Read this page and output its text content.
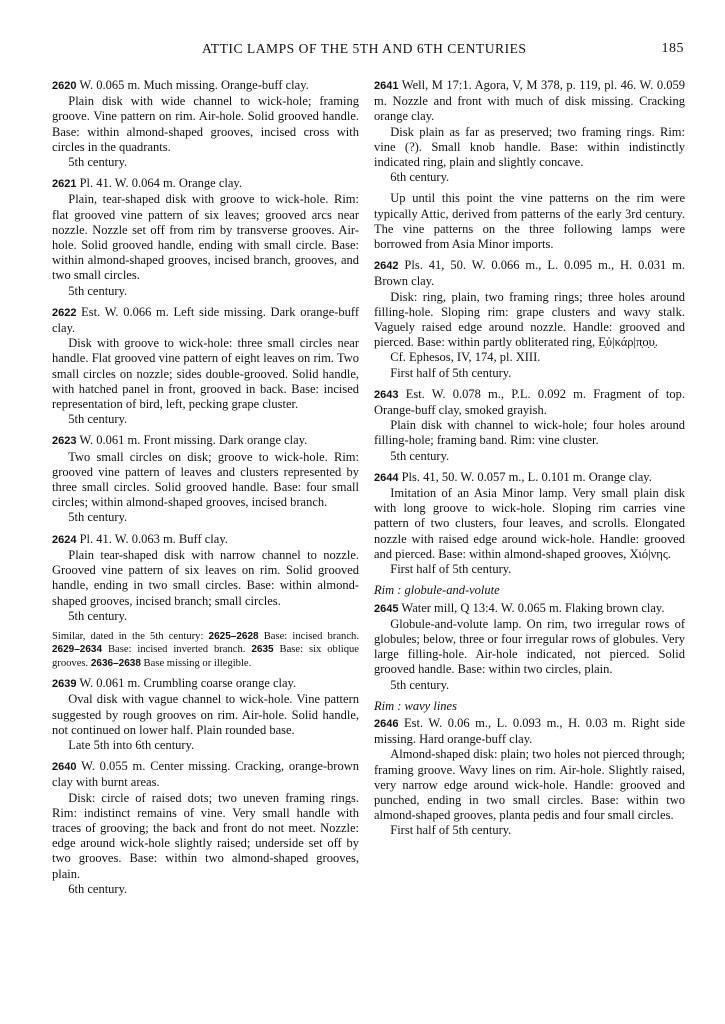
ATTIC LAMPS OF THE 5TH AND 6TH CENTURIES	185

2620 W. 0.065 m. Much missing. Orange-buff clay.

Plain disk with wide channel to wick-hole; framing groove. Vine pattern on rim. Air-hole. Solid grooved handle. Base: within almond-shaped grooves, incised cross with circles in the quadrants.

5th century.

2621 Pl. 41. W. 0.064 m. Orange clay.

Plain, tear-shaped disk with groove to wick-hole. Rim: flat grooved vine pattern of six leaves; grooved arcs near nozzle. Nozzle set off from rim by transverse grooves. Air-hole. Solid grooved handle, ending with small circle. Base: within almond-shaped grooves, incised branch, grooves, and two small circles.

5th century.

2622 Est. W. 0.066 m. Left side missing. Dark orange-buff clay.

Disk with groove to wick-hole: three small circles near handle. Flat grooved vine pattern of eight leaves on rim. Two small circles on nozzle; sides double-grooved. Solid handle, with hatched panel in front, grooved in back. Base: incised representation of bird, left, pecking grape cluster.

5th century.

2623 W. 0.061 m. Front missing. Dark orange clay.

Two small circles on disk; groove to wick-hole. Rim: grooved vine pattern of leaves and clusters represented by three small circles. Solid grooved handle. Base: four small circles; within almond-shaped grooves, incised branch.

5th century.

2624 Pl. 41. W. 0.063 m. Buff clay.

Plain tear-shaped disk with narrow channel to nozzle. Grooved vine pattern of six leaves on rim. Solid grooved handle, ending in two small circles. Base: within almond-shaped grooves, incised branch; small circles.

5th century.

Similar, dated in the 5th century: 2625–2628 Base: incised branch. 2629–2634 Base: incised inverted branch. 2635 Base: six oblique grooves. 2636–2638 Base missing or illegible.

2639 W. 0.061 m. Crumbling coarse orange clay.

Oval disk with vague channel to wick-hole. Vine pattern suggested by rough grooves on rim. Air-hole. Solid handle, not continued on lower half. Plain rounded base.

Late 5th into 6th century.

2640 W. 0.055 m. Center missing. Cracking, orange-brown clay with burnt areas.

Disk: circle of raised dots; two uneven framing rings. Rim: indistinct remains of vine. Very small handle with traces of grooving; the back and front do not meet. Nozzle: edge around wick-hole slightly raised; underside set off by two grooves. Base: within two almond-shaped grooves, plain.

6th century.

2641 Well, M 17:1. Agora, V, M 378, p. 119, pl. 46. W. 0.059 m. Nozzle and front with much of disk missing. Cracking orange clay.

Disk plain as far as preserved; two framing rings. Rim: vine (?). Small knob handle. Base: within indistinctly indicated ring, plain and slightly concave.

6th century.

Up until this point the vine patterns on the rim were typically Attic, derived from patterns of the early 3rd century. The vine patterns on the three following lamps were borrowed from Asia Minor imports.

2642 Pls. 41, 50. W. 0.066 m., L. 0.095 m., H. 0.031 m. Brown clay.

Disk: ring, plain, two framing rings; three holes around filling-hole. Sloping rim: grape clusters and wavy stalk. Vaguely raised edge around nozzle. Handle: grooved and pierced. Base: within partly obliterated ring, Ε̣ὐ|κάρ|π̣ο̣υ̣.

Cf. Ephesos, IV, 174, pl. XIII.

First half of 5th century.

2643 Est. W. 0.078 m., P.L. 0.092 m. Fragment of top. Orange-buff clay, smoked grayish.

Plain disk with channel to wick-hole; four holes around filling-hole; framing band. Rim: vine cluster.

5th century.

2644 Pls. 41, 50. W. 0.057 m., L. 0.101 m. Orange clay.

Imitation of an Asia Minor lamp. Very small plain disk with long groove to wick-hole. Sloping rim carries vine pattern of two clusters, four leaves, and scrolls. Elongated nozzle with raised edge around wick-hole. Handle: grooved and pierced. Base: within almond-shaped grooves, Χιό|νης.

First half of 5th century.

Rim : globule-and-volute

2645 Water mill, Q 13:4. W. 0.065 m. Flaking brown clay.

Globule-and-volute lamp. On rim, two irregular rows of globules; below, three or four irregular rows of globules. Very large filling-hole. Air-hole indicated, not pierced. Solid grooved handle. Base: within two circles, plain.

5th century.

Rim : wavy lines

2646 Est. W. 0.06 m., L. 0.093 m., H. 0.03 m. Right side missing. Hard orange-buff clay.

Almond-shaped disk: plain; two holes not pierced through; framing groove. Wavy lines on rim. Air-hole. Slightly raised, very narrow edge around wick-hole. Handle: grooved and punched, ending in two small circles. Base: within two almond-shaped grooves, planta pedis and four small circles.

First half of 5th century.
